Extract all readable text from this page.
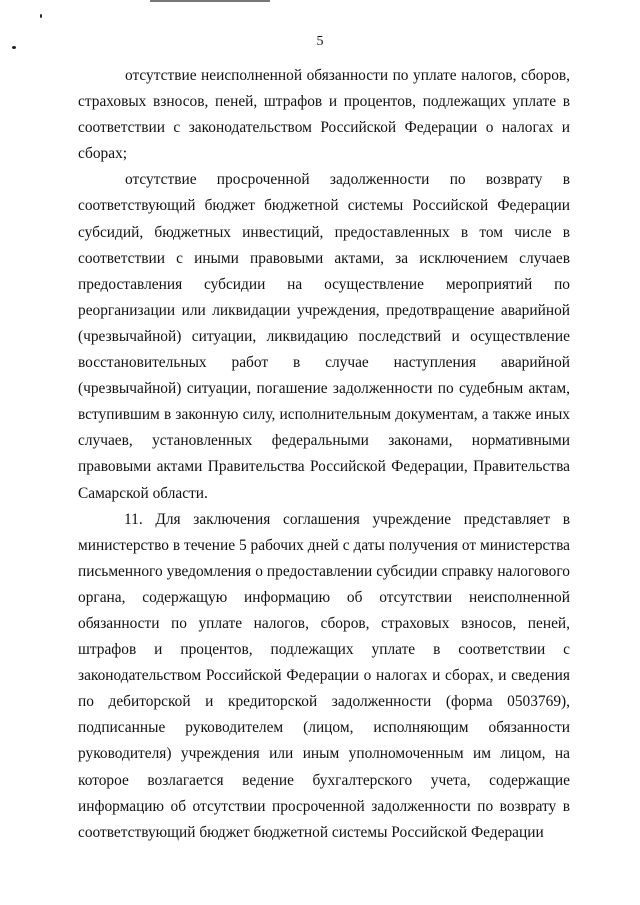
5

отсутствие неисполненной обязанности по уплате налогов, сборов, страховых взносов, пеней, штрафов и процентов, подлежащих уплате в соответствии с законодательством Российской Федерации о налогах и сборах;

отсутствие просроченной задолженности по возврату в соответствующий бюджет бюджетной системы Российской Федерации субсидий, бюджетных инвестиций, предоставленных в том числе в соответствии с иными правовыми актами, за исключением случаев предоставления субсидии на осуществление мероприятий по реорганизации или ликвидации учреждения, предотвращение аварийной (чрезвычайной) ситуации, ликвидацию последствий и осуществление восстановительных работ в случае наступления аварийной (чрезвычайной) ситуации, погашение задолженности по судебным актам, вступившим в законную силу, исполнительным документам, а также иных случаев, установленных федеральными законами, нормативными правовыми актами Правительства Российской Федерации, Правительства Самарской области.

11. Для заключения соглашения учреждение представляет в министерство в течение 5 рабочих дней с даты получения от министерства письменного уведомления о предоставлении субсидии справку налогового органа, содержащую информацию об отсутствии неисполненной обязанности по уплате налогов, сборов, страховых взносов, пеней, штрафов и процентов, подлежащих уплате в соответствии с законодательством Российской Федерации о налогах и сборах, и сведения по дебиторской и кредиторской задолженности (форма 0503769), подписанные руководителем (лицом, исполняющим обязанности руководителя) учреждения или иным уполномоченным им лицом, на которое возлагается ведение бухгалтерского учета, содержащие информацию об отсутствии просроченной задолженности по возврату в соответствующий бюджет бюджетной системы Российской Федерации
